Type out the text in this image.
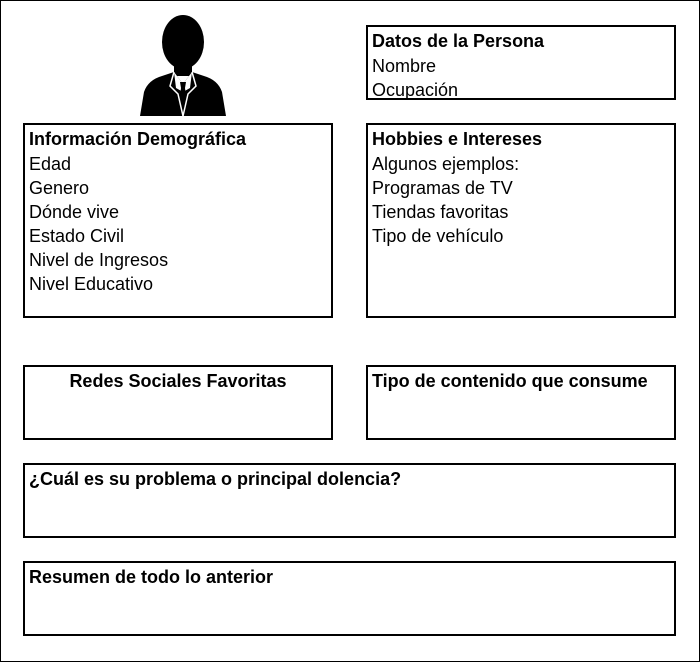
Datos de la Persona
Nombre
Ocupación
Información Demográfica
Edad
Genero
Dónde vive
Estado Civil
Nivel de Ingresos
Nivel Educativo
Hobbies e Intereses
Algunos ejemplos:
Programas de TV
Tiendas favoritas
Tipo de vehículo
Redes Sociales Favoritas	Tipo de contenido que consume
¿Cuál es su problema o principal dolencia?
Resumen de todo lo anterior
